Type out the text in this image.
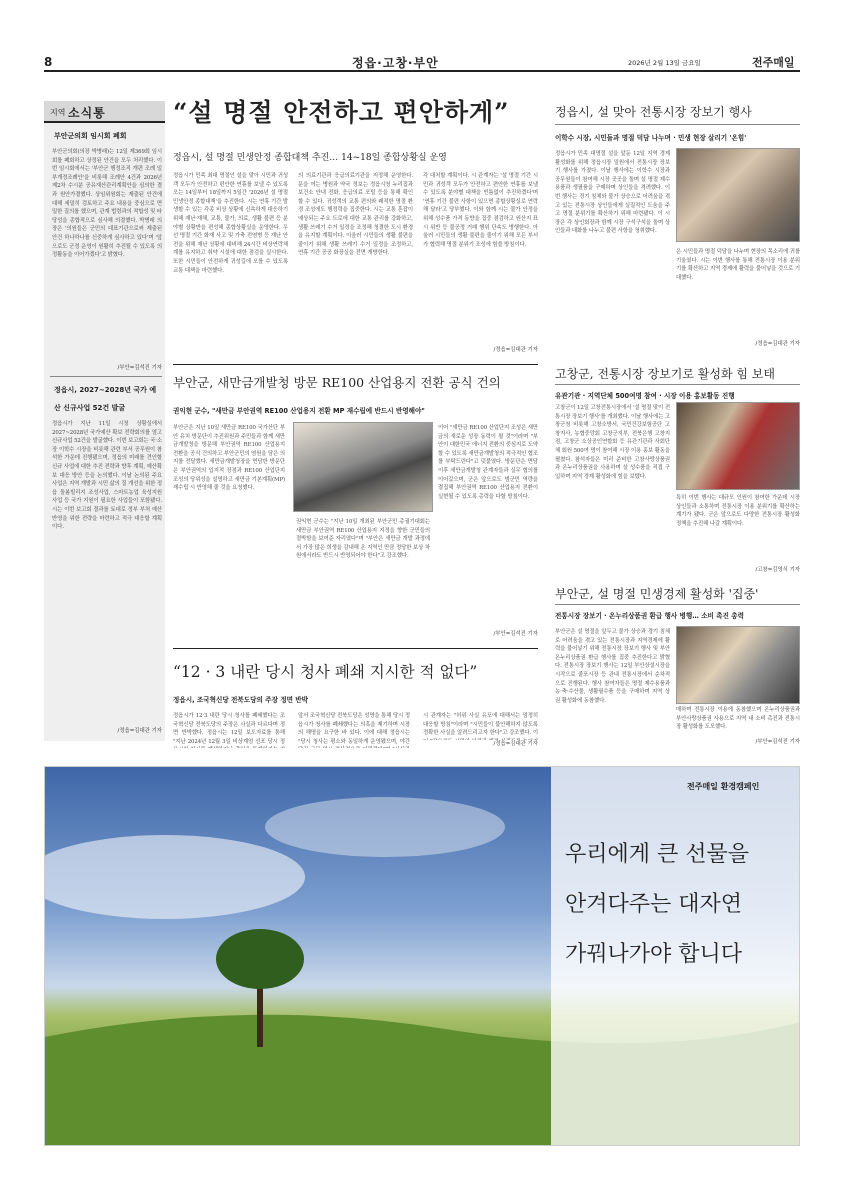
8	정읍·고창·부안	2026년 2월 13일 금요일	전주매일
지역 소식통
부안군의회 임시회 폐회
부안군의회(의장 박병래)는 12일 제369회 임시회를 폐회하고 상정된 안건을 모두 처리했다. 이번 임시회에서는 '부안군 행정조직 개편 조례 일부개정조례안'을 비롯해 조례안 4건과 2026년 제2차 수시분 공유재산관리계획안을 심의한 결과 원안가결했다. 상임위원회는 제출된 안건에 대해 세밀히 검토하고 주요 내용을 중심으로 면밀한 질의를 했으며, 관계 법령과의 적합성 및 타당성을 종합적으로 심사해 의결했다. 박병래 의장은 '의원들은 군민의 대표기관으로써 제출된 안건 하나하나를 신중하게 심사하고 있다'며 '앞으로도 군정 운영이 원활히 추진될 수 있도록 의정활동을 이어가겠다'고 밝혔다.
/부안=김석진 기자
정읍시, 2027~2028년 국가 예산 신규사업 52건 발굴
정읍시가 지난 11일 시청 상황실에서 2027~2028년 국가예산 확보 전략회의를 열고 신규사업 52건을 발굴했다. 이번 보고회는 국·소장 이학수 시장을 비롯해 관련 부서 공무원이 참석한 가운데 진행됐으며, 정읍의 미래를 견인할 신규 사업에 대한 추진 전략과 향후 계획, 예산확보 대응 방안 등을 논의했다. 이날 논의된 주요 사업은 지역 개발과 시민 삶의 질 개선을 위한 정읍 돌봄빌리지 조성사업, 스마트농업 육성지원 사업 등 국가 지원이 필요한 사업들이 포함됐다. 시는 이번 보고회 결과를 토대로 정부 부처 예산 반영을 위한 전략을 마련하고 적극 대응할 계획이다.
/정읍=김대관 기자
“설 명절 안전하고 편안하게”
정읍시, 설 명절 민생안정 종합대책 추진… 14~18일 종합상황실 운영
정읍시가 민족 최대 명절인 설을 맞아 시민과 귀성객 모두가 안전하고 편안한 연휴를 보낼 수 있도록 오는 14일부터 18일까지 5일간 '2026년 설 명절 민생안정 종합대책'을 추진한다. 시는 연휴 기간 발생할 수 있는 각종 비상 상황에 신속하게 대응하기 위해 재난·재해, 교통, 물가, 의료, 생활 불편 등 분야별 상황반을 편성해 종합상황실을 운영한다. 우선 명절 기간 화재 사고 및 가축 전염병 등 재난 안전을 위해 재난 상황에 대비해 24시간 비상연락체계를 유지하고 취약 시설에 대한 점검을 실시한다. 또한 시민들이 안전하게 귀성길에 오를 수 있도록 교통 대책을 마련했다.
의 의료기관과 응급의료기관을 지정해 운영한다. 문을 여는 병원과 약국 정보는 정읍시청 누리집과 보건소 안내 전화, 응급의료 포털 등을 통해 확인할 수 있다. 귀성객의 교통 편의와 쾌적한 명절 환경 조성에도 행정력을 집중한다. 시는 교통 혼잡이 예상되는 주요 도로에 대한 교통 관리를 강화하고, 생활 쓰레기 수거 일정을 조정해 청결한 도시 환경을 유지할 계획이다. 이울러 시민들의 생활 불편을 줄이기 위해 생활 쓰레기 수거 일정을 조정하고, 연휴 기간 공공 화장실을 전면 개방한다.
각 대처할 계획이다. 시 관계자는 '설 명절 기간 시민과 귀성객 모두가 안전하고 편안한 연휴를 보낼 수 있도록 분야별 대책을 빈틈없이 추진하겠다'며 '연휴 기간 불편 사항이 있으면 종합상황실로 연락해 달라'고 당부했다. 이와 함께 시는 물가 안정을 위해 성수품 가격 동향을 집중 점검하고 원산지 표시 위반 등 불공정 거래 행위 단속도 병행한다. 아울러 시민들의 생활 불편을 줄이기 위해 모든 부서가 협력해 명절 분위기 조성에 힘쓸 방침이다.
/정읍=김대관 기자
정읍시, 설 맞아 전통시장 장보기 행사
이학수 시장, 시민들과 명절 덕담 나누며 · 민생 현장 살리기 '온힘'
정읍시가 민족 대명절 설을 앞둔 12일 지역 경제 활성화를 위해 정읍시장 일원에서 전통시장 장보기 행사를 가졌다. 이날 행사에는 이학수 시장과 공무원들이 참여해 시장 곳곳을 돌며 설 명절 제수용품과 생필품을 구매하며 상인들을 격려했다. 이번 행사는 경기 침체와 물가 상승으로 어려움을 겪고 있는 전통시장 상인들에게 실질적인 도움을 주고 명절 분위기를 확산하기 위해 마련됐다. 이 시장은 각 상인회장과 함께 시장 구석구석을 돌며 상인들과 대화를 나누고 불편 사항을 청취했다.
은 시민들과 명절 덕담을 나누며 현장의 목소리에 귀를 기울였다. 시는 이번 행사를 통해 전통시장 이용 분위기를 확산하고 지역 경제에 활력을 불어넣을 것으로 기대했다.
/정읍=김대관 기자
고창군, 전통시장 장보기로 활성화 힘 보태
유관기관 · 지역단체 500여명 참여 · 시장 이용 홍보활동 진행
고창군이 12일 고창전통시장에서 '설 명절 맞이 전통시장 장보기 행사'를 개최했다. 이날 행사에는 고창군청 비롯해 고창소방서, 국민건강보험공단 고창지사, 농협중앙회 고창군지부, 전북은행 고창지점, 고창군 소상공인연합회 등 유관기관과 사회단체 회원 500여 명이 참여해 시장 이용 홍보 활동을 펼쳤다. 참석자들은 미리 준비한 고창사랑상품권과 온누리상품권을 사용하며 설 성수품을 직접 구입하며 지역 경제 활성화에 힘을 보탰다.
특히 이번 행사는 대규모 인원이 참여한 가운데 시장 상인들과 소통하며 전통시장 이용 분위기를 확산하는 계기가 됐다. 군은 앞으로도 다양한 전통시장 활성화 정책을 추진해 나갈 계획이다.
/고창=김영식 기자
부안군, 설 명절 민생경제 활성화 '집중'
전통시장 장보기 · 온누리상품권 환급 행사 병행… 소비 촉진 총력
부안군은 설 명절을 앞두고 물가 상승과 경기 침체로 어려움을 겪고 있는 전통시장과 지역경제에 활력을 불어넣기 위해 전통시장 장보기 행사 및 부안 온누리상품권 환급 행사를 집중 추진한다고 밝혔다. 전통시장 장보기 행사는 12일 부안상설시장을 시작으로 줄포시장 등 관내 전통시장에서 순차적으로 진행된다. 행사 참여자들은 명절 제수용품과 농·축·수산물, 생활필수품 등을 구매하며 지역 상권 활성화에 동참했다.
매하며 전통시장 이용에 동참했으며 온누리상품권과 부안사랑상품권 사용으로 지역 내 소비 촉진과 전통시장 활성화를 도모했다.
/부안=김석진 기자
부안군, 새만금개발청 방문 RE100 산업용지 전환 공식 건의
권익현 군수, "새만금 부안권역 RE100 산업용지 전환 MP 재수립에 반드시 반영해야"
부안군은 지난 10일 새만금 RE100 국가산단 부안 유치 방문단이 추진위원과 주민들과 함께 새만금개발청을 방문해 부안권역 RE100 산업용지 전환을 공식 건의하고 부안군민의 염원을 담은 의지를 전달했다. 새만금개발청장을 면담한 방문단은 부안권역의 입지적 장점과 RE100 산업단지 조성의 당위성을 설명하고 새만금 기본계획(MP) 재수립 시 반영해 줄 것을 요청했다.
권익현 군수는 "지난 10일 개최된 부안군민 총궐기대회는 새만금 부안권역 RE100 산업용지 지정을 향한 군민들의 절박함을 보여준 자리였다"며 "부안은 새만금 개발 과정에서 가장 많은 희생을 감내해 온 지역인 만큼 정당한 보상 차원에서라도 반드시 반영되어야 한다"고 강조했다.
이어 "새만금 RE100 산업단지 조성은 새만금의 새로운 성장 동력이 될 것"이라며 "부안이 대한민국 에너지 전환의 중심지로 도약할 수 있도록 새만금개발청의 적극적인 협조를 부탁드린다"고 덧붙였다. 방문단은 면담 이후 새만금개발청 관계자들과 실무 협의를 이어갔으며, 군은 앞으로도 범군민 역량을 결집해 부안권역 RE100 산업용지 전환이 실현될 수 있도록 총력을 다할 방침이다.
/부안=김석진 기자
“12 · 3 내란 당시 청사 폐쇄 지시한 적 없다”
정읍시, 조국혁신당 전북도당의 주장 정면 반박
정읍시가 12·3 내란 당시 청사를 폐쇄했다는 조국혁신당 전북도당의 주장은 사실과 다르다며 정면 반박했다. 정읍시는 12일 보도자료를 통해 "지난 2024년 12월 3일 비상계엄 선포 당시 정
앞서 조국혁신당 전북도당은 성명을 통해 당시 정읍시가 청사를 폐쇄했다는 의혹을 제기하며 시장의 해명을 요구한 바 있다. 이에 대해 정읍시는 "당시 청사는 평소와 동일하게 운영됐으며, 야간
시 관계자는 "허위 사실 유포에 대해서는 엄정히 대응할 방침"이라며 "시민들이 불안해하지 않도록 정확한 사실을 알려드리고자 한다"고 강조했다. 이
/정읍=김대관 기자
전주매일 환경캠페인
우리에게 큰 선물을
안겨다주는 대자연
가꿔나가야 합니다
